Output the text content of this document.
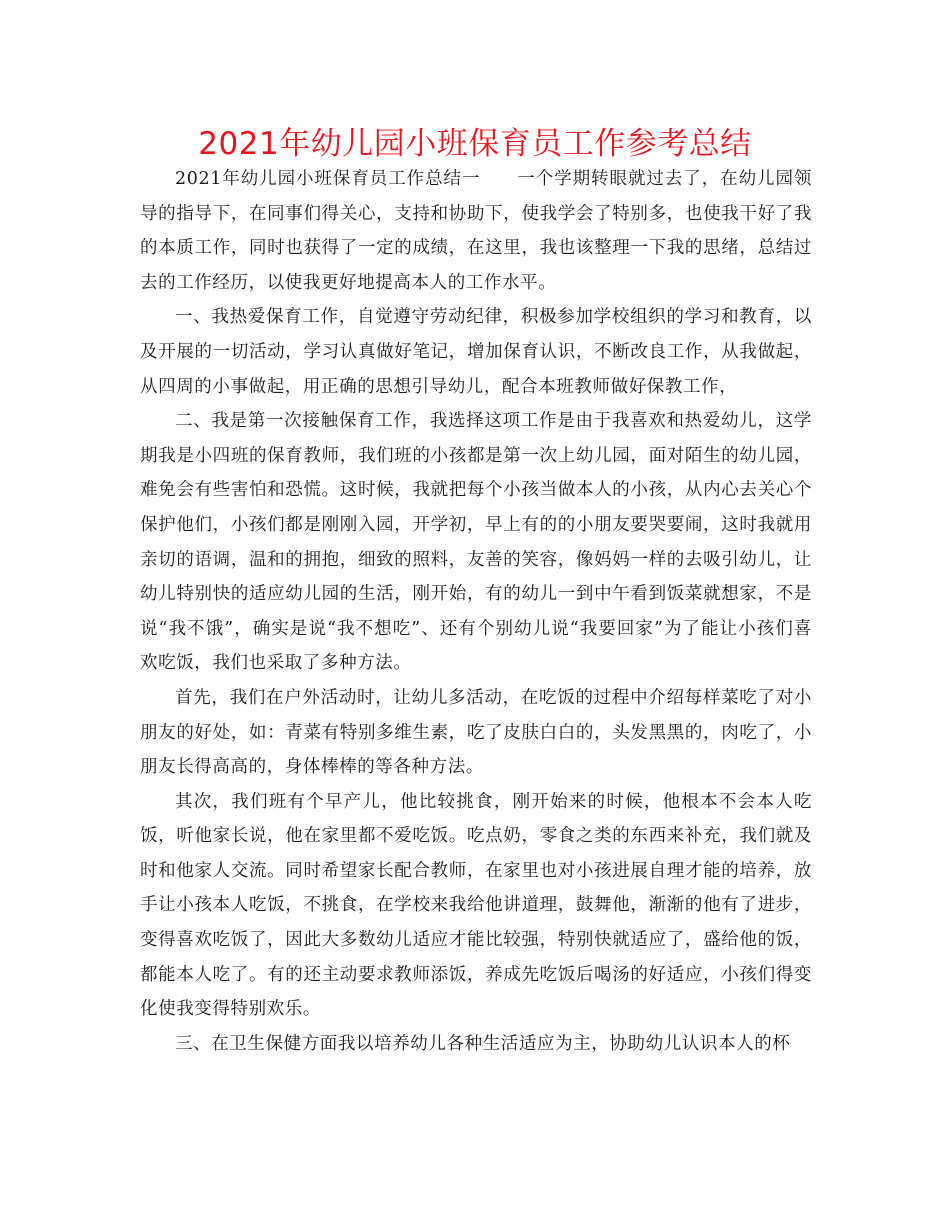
2021年幼儿园小班保育员工作参考总结

2021年幼儿园小班保育员工作总结一　　一个学期转眼就过去了，在幼儿园领导的指导下，在同事们得关心，支持和协助下，使我学会了特别多，也使我干好了我的本质工作，同时也获得了一定的成绩，在这里，我也该整理一下我的思绪，总结过去的工作经历，以使我更好地提高本人的工作水平。

一、我热爱保育工作，自觉遵守劳动纪律，积极参加学校组织的学习和教育，以及开展的一切活动，学习认真做好笔记，增加保育认识，不断改良工作，从我做起，从四周的小事做起，用正确的思想引导幼儿，配合本班教师做好保教工作，

二、我是第一次接触保育工作，我选择这项工作是由于我喜欢和热爱幼儿，这学期我是小四班的保育教师，我们班的小孩都是第一次上幼儿园，面对陌生的幼儿园，难免会有些害怕和恐慌。这时候，我就把每个小孩当做本人的小孩，从内心去关心个保护他们，小孩们都是刚刚入园，开学初，早上有的的小朋友要哭要闹，这时我就用亲切的语调，温和的拥抱，细致的照料，友善的笑容，像妈妈一样的去吸引幼儿，让幼儿特别快的适应幼儿园的生活，刚开始，有的幼儿一到中午看到饭菜就想家，不是说“我不饿”，确实是说“我不想吃”、还有个别幼儿说“我要回家”为了能让小孩们喜欢吃饭，我们也采取了多种方法。

首先，我们在户外活动时，让幼儿多活动，在吃饭的过程中介绍每样菜吃了对小朋友的好处，如：青菜有特别多维生素，吃了皮肤白白的，头发黑黑的，肉吃了，小朋友长得高高的，身体棒棒的等各种方法。

其次，我们班有个早产儿，他比较挑食，刚开始来的时候，他根本不会本人吃饭，听他家长说，他在家里都不爱吃饭。吃点奶，零食之类的东西来补充，我们就及时和他家人交流。同时希望家长配合教师，在家里也对小孩进展自理才能的培养，放手让小孩本人吃饭，不挑食，在学校来我给他讲道理，鼓舞他，渐渐的他有了进步，变得喜欢吃饭了，因此大多数幼儿适应才能比较强，特别快就适应了，盛给他的饭，都能本人吃了。有的还主动要求教师添饭，养成先吃饭后喝汤的好适应，小孩们得变化使我变得特别欢乐。

三、在卫生保健方面我以培养幼儿各种生活适应为主，协助幼儿认识本人的杯
